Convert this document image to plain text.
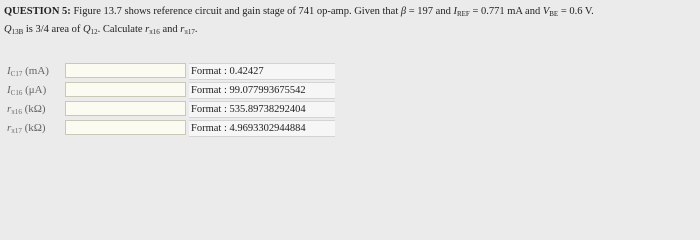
QUESTION 5: Figure 13.7 shows reference circuit and gain stage of 741 op-amp. Given that β = 197 and $I_{REF} = 0.771$ mA and $V_{BE} = 0.6$ V.
$Q_{13B}$ is 3/4 area of $Q_{12}$. Calculate $r_{\pi 16}$ and $r_{\pi 17}$.
$I_{C17}$ (mA)	Format : 0.42427
$I_{C16}$ (μA)	Format : 99.077993675542
$r_{\pi 16}$ (kΩ)	Format : 535.89738292404
$r_{\pi 17}$ (kΩ)	Format : 4.9693302944884
